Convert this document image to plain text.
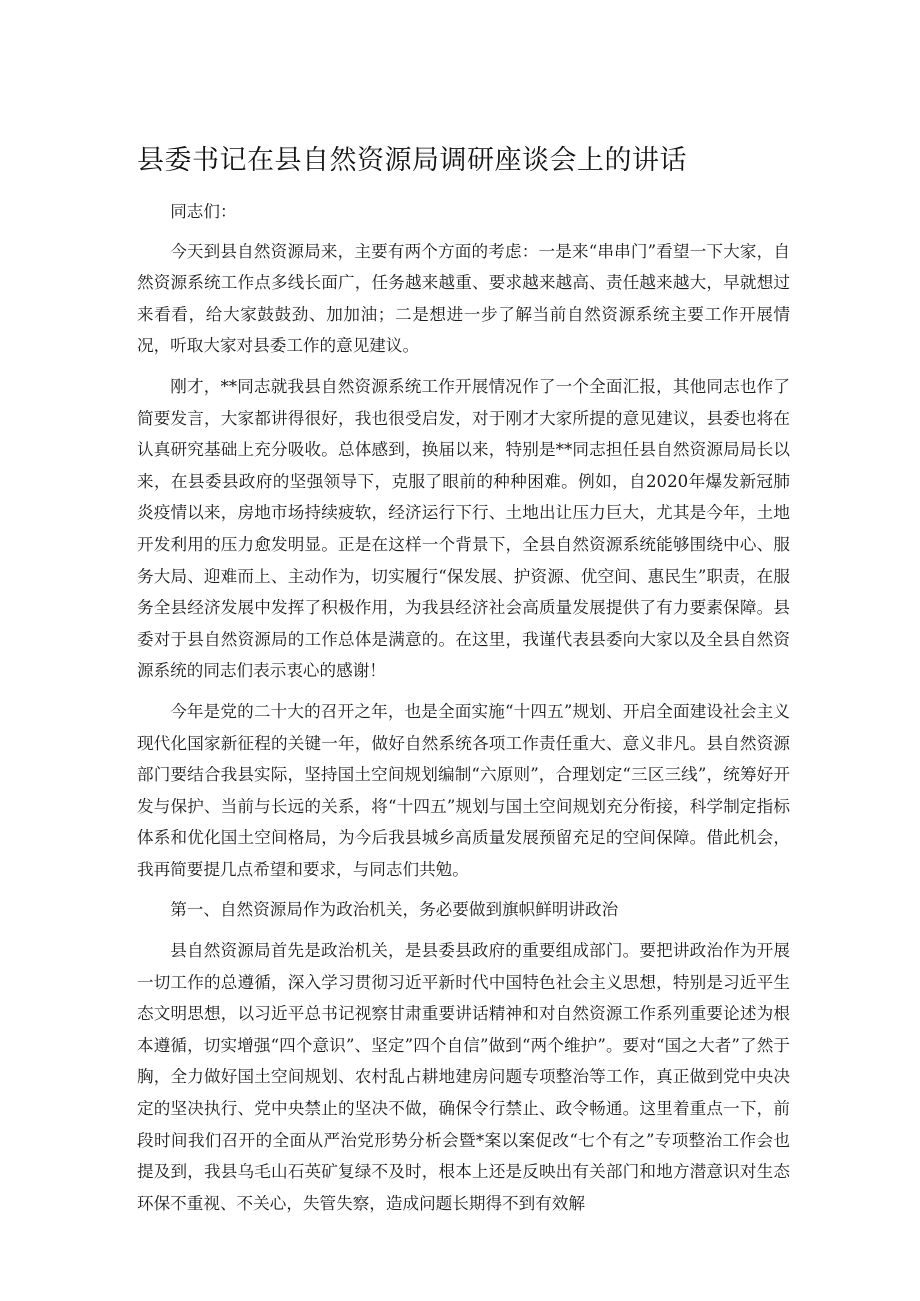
县委书记在县自然资源局调研座谈会上的讲话

同志们：

今天到县自然资源局来，主要有两个方面的考虑：一是来“串串门”看望一下大家，自然资源系统工作点多线长面广，任务越来越重、要求越来越高、责任越来越大，早就想过来看看，给大家鼓鼓劲、加加油；二是想进一步了解当前自然资源系统主要工作开展情况，听取大家对县委工作的意见建议。

刚才，**同志就我县自然资源系统工作开展情况作了一个全面汇报，其他同志也作了简要发言，大家都讲得很好，我也很受启发，对于刚才大家所提的意见建议，县委也将在认真研究基础上充分吸收。总体感到，换届以来，特别是**同志担任县自然资源局局长以来，在县委县政府的坚强领导下，克服了眼前的种种困难。例如，自2020年爆发新冠肺炎疫情以来，房地市场持续疲软，经济运行下行、土地出让压力巨大，尤其是今年，土地开发利用的压力愈发明显。正是在这样一个背景下，全县自然资源系统能够围绕中心、服务大局、迎难而上、主动作为，切实履行“保发展、护资源、优空间、惠民生”职责，在服务全县经济发展中发挥了积极作用，为我县经济社会高质量发展提供了有力要素保障。县委对于县自然资源局的工作总体是满意的。在这里，我谨代表县委向大家以及全县自然资源系统的同志们表示衷心的感谢！

今年是党的二十大的召开之年，也是全面实施“十四五”规划、开启全面建设社会主义现代化国家新征程的关键一年，做好自然系统各项工作责任重大、意义非凡。县自然资源部门要结合我县实际，坚持国土空间规划编制“六原则”，合理划定“三区三线”，统筹好开发与保护、当前与长远的关系，将“十四五”规划与国土空间规划充分衔接，科学制定指标体系和优化国土空间格局，为今后我县城乡高质量发展预留充足的空间保障。借此机会，我再简要提几点希望和要求，与同志们共勉。

第一、自然资源局作为政治机关，务必要做到旗帜鲜明讲政治

县自然资源局首先是政治机关，是县委县政府的重要组成部门。要把讲政治作为开展一切工作的总遵循，深入学习贯彻习近平新时代中国特色社会主义思想，特别是习近平生态文明思想，以习近平总书记视察甘肃重要讲话精神和对自然资源工作系列重要论述为根本遵循，切实增强“四个意识”、坚定”四个自信”做到“两个维护”。要对“国之大者”了然于胸，全力做好国土空间规划、农村乱占耕地建房问题专项整治等工作，真正做到党中央决定的坚决执行、党中央禁止的坚决不做，确保令行禁止、政令畅通。这里着重点一下，前段时间我们召开的全面从严治党形势分析会暨*案以案促改“七个有之”专项整治工作会也提及到，我县乌毛山石英矿复绿不及时，根本上还是反映出有关部门和地方潜意识对生态环保不重视、不关心，失管失察，造成问题长期得不到有效解
